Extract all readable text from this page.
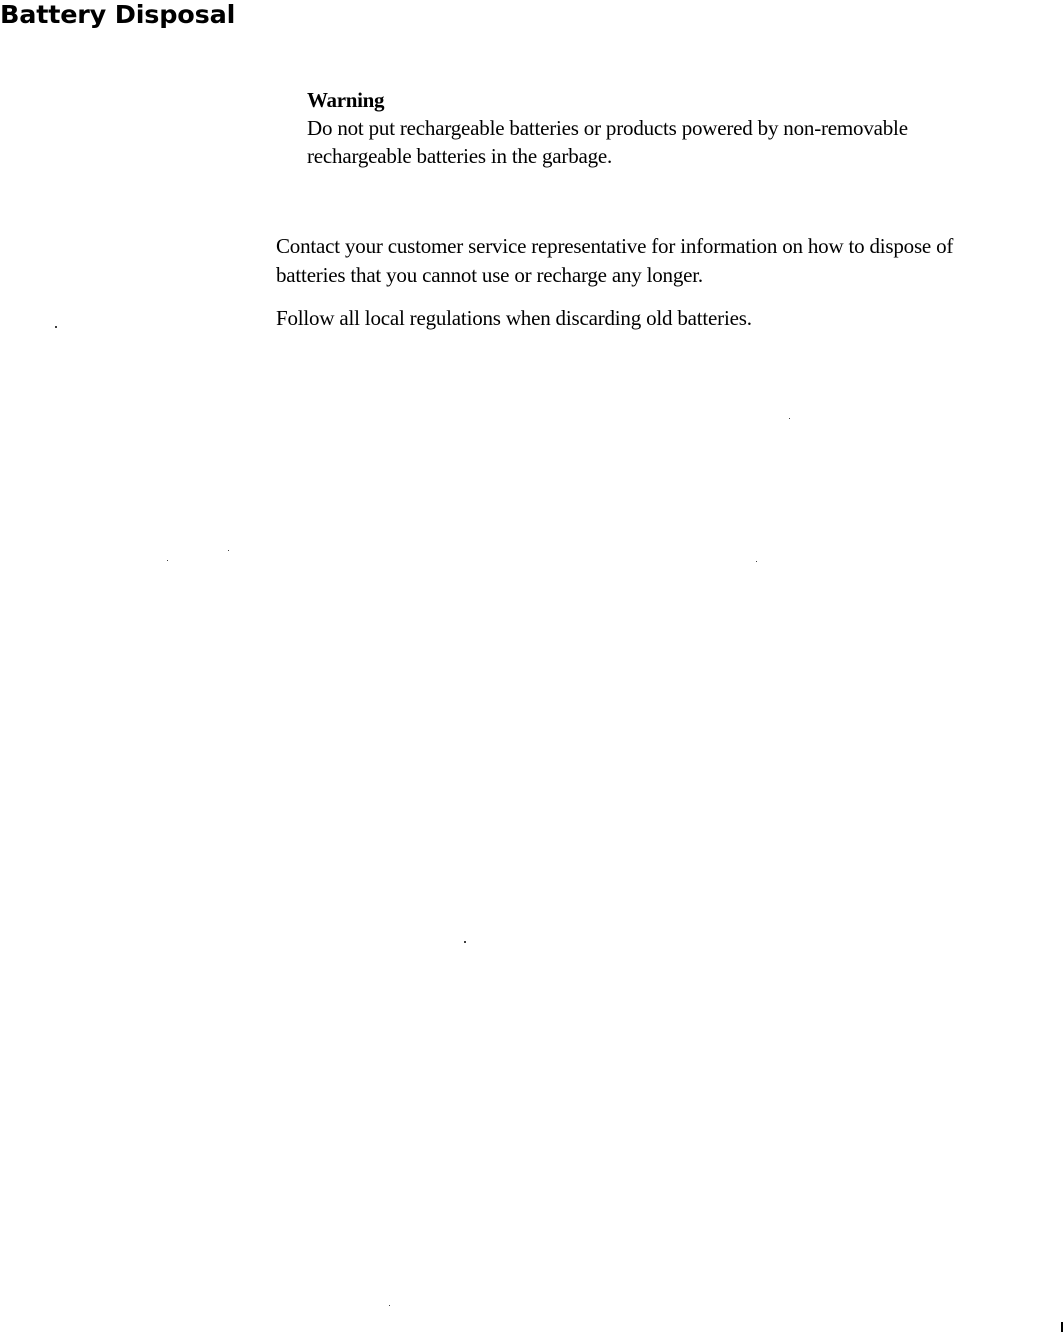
Battery Disposal
Warning

Do not put rechargeable batteries or products powered by non-removable rechargeable batteries in the garbage.

Contact your customer service representative for information on how to dispose of batteries that you cannot use or recharge any longer.

Follow all local regulations when discarding old batteries.
